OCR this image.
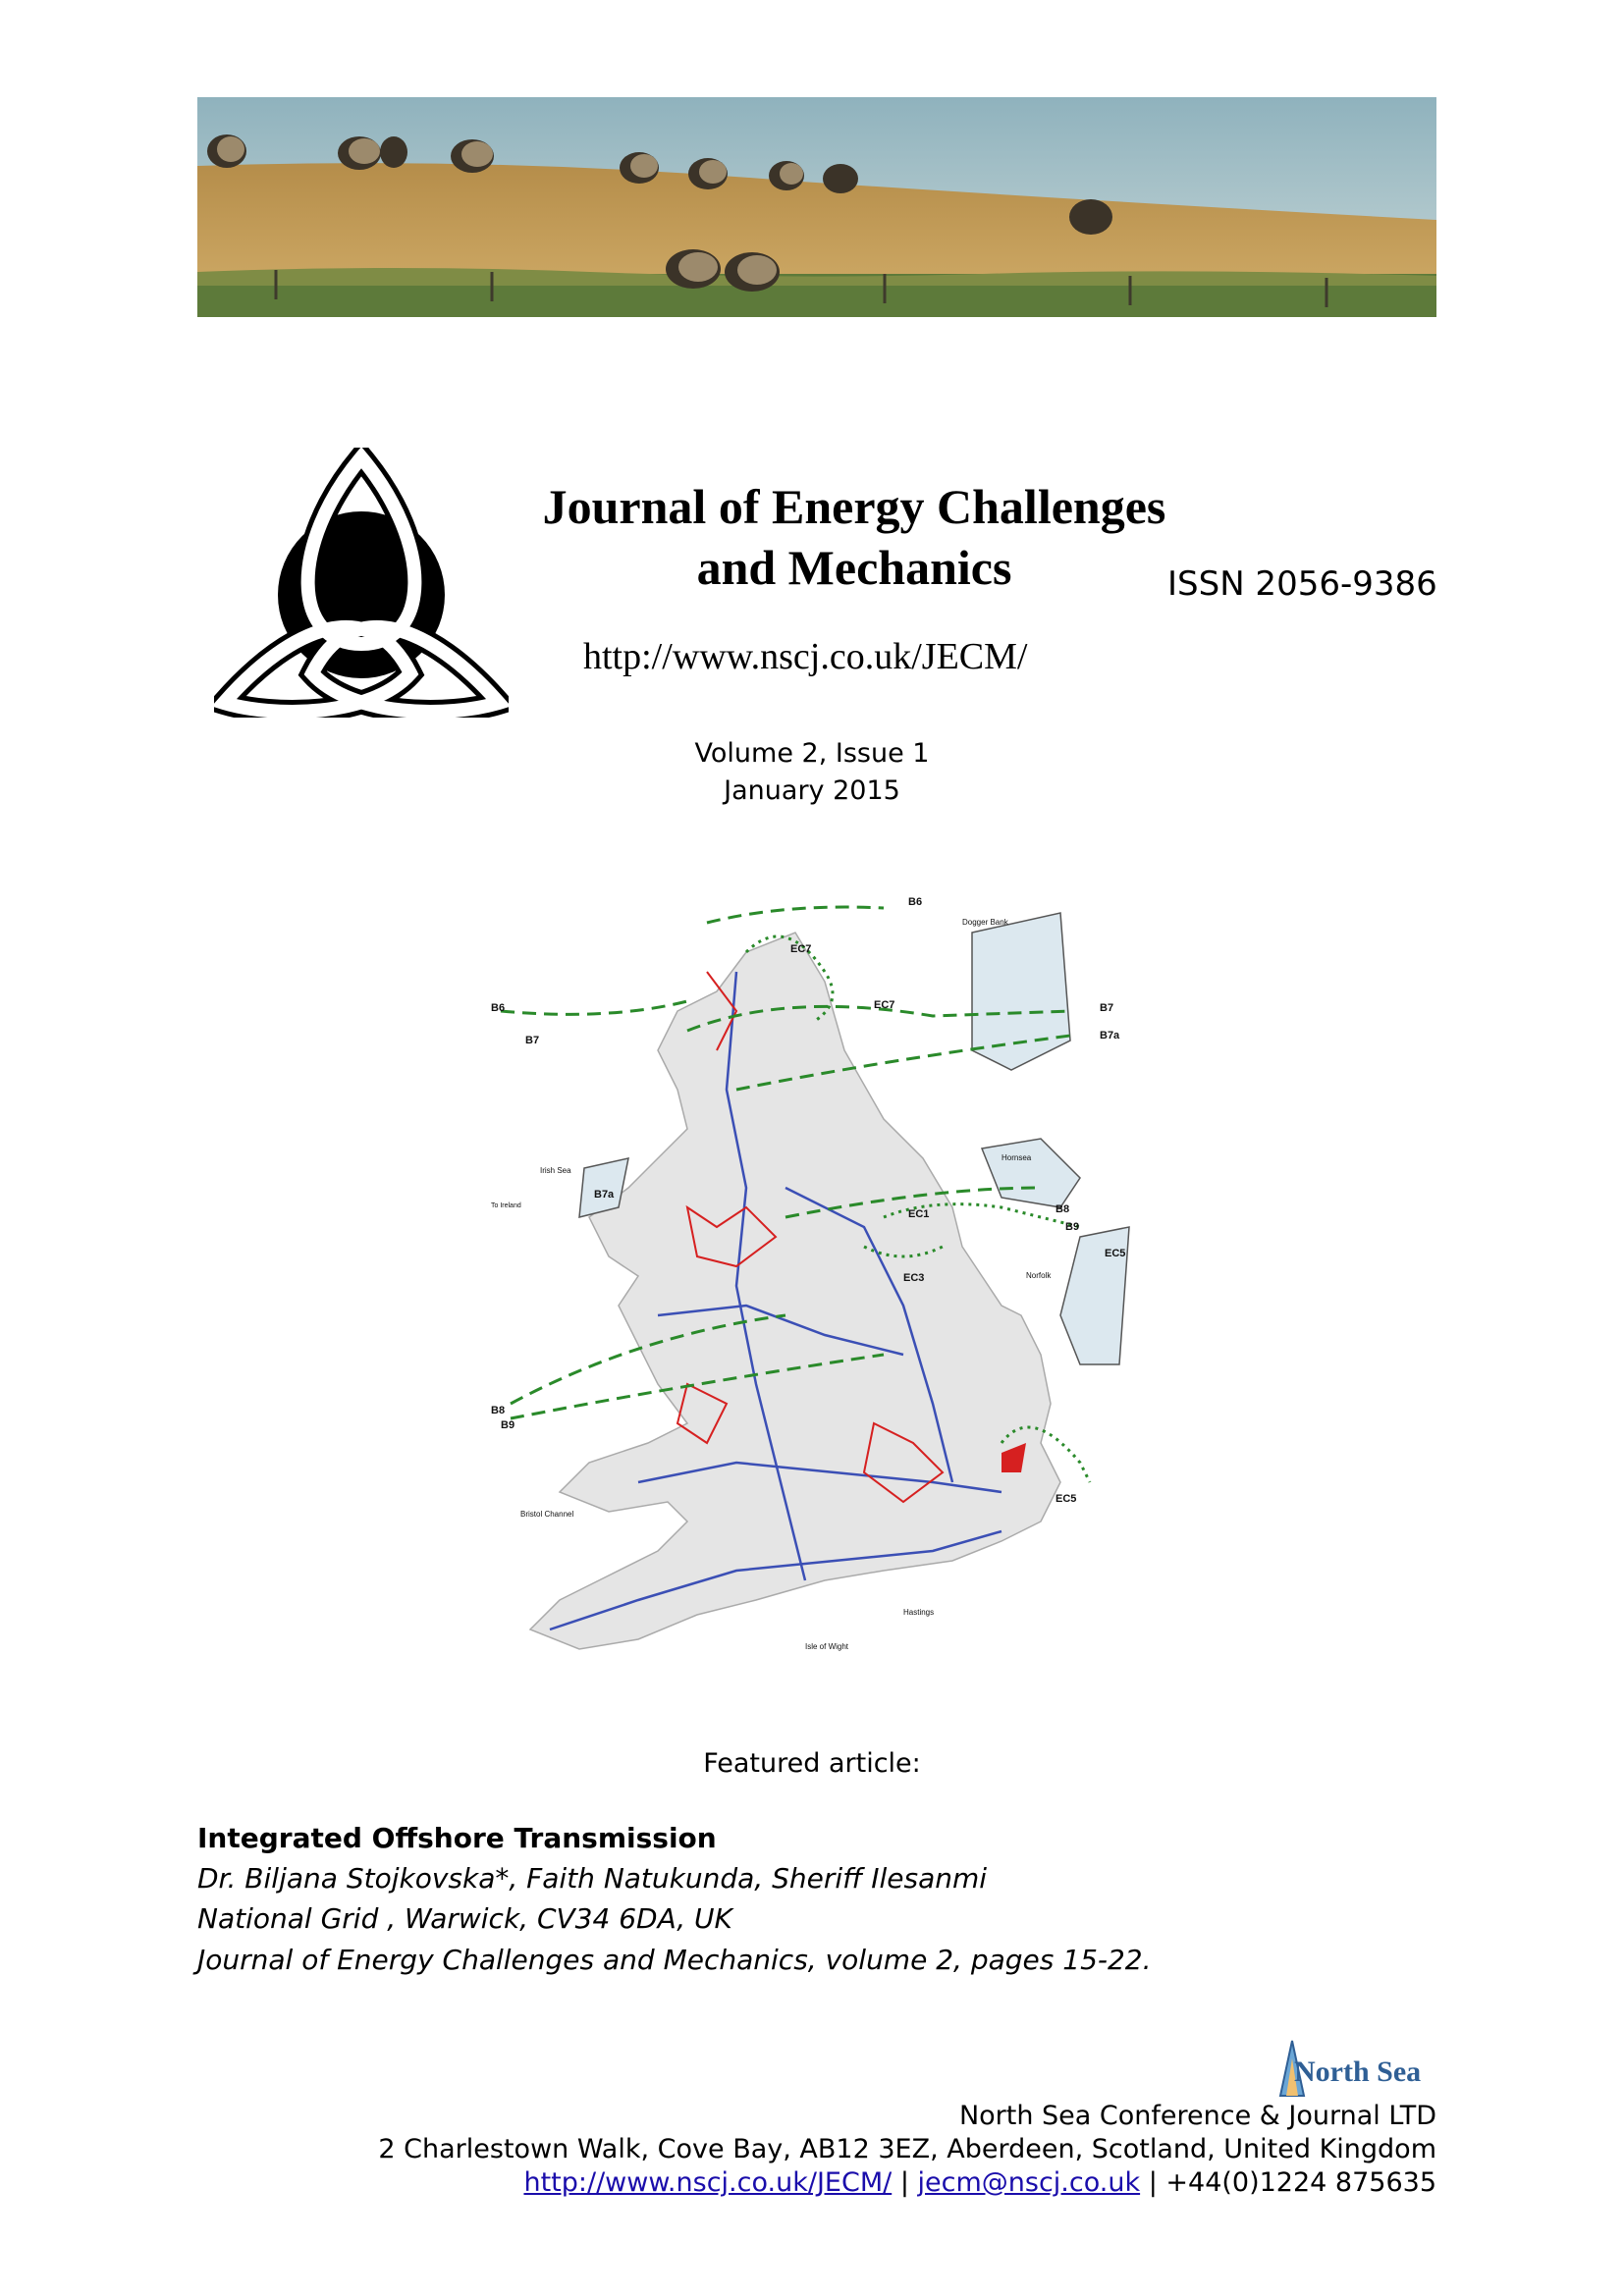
Journal of Energy Challenges
and Mechanics	ISSN 2056-9386
http://www.nscj.co.uk/JECM/
Volume 2, Issue 1
January 2015
B6
EC7
Dogger Bank
EC7
B6
B7
B7
B7a
Hornsea
Irish Sea
B7a
To Ireland	B8
B9
EC1
EC5
EC3	Norfolk
B8
B9
Bristol Channel
EC5
Hastings
Isle of Wight
Featured article:
Integrated Offshore Transmission
Dr. Biljana Stojkovska*, Faith Natukunda, Sheriff Ilesanmi
National Grid , Warwick, CV34 6DA, UK
Journal of Energy Challenges and Mechanics, volume 2, pages 15-22.
North Sea
North Sea Conference & Journal LTD
2 Charlestown Walk, Cove Bay, AB12 3EZ, Aberdeen, Scotland, United Kingdom
http://www.nscj.co.uk/JECM/ | jecm@nscj.co.uk | +44(0)1224 875635
